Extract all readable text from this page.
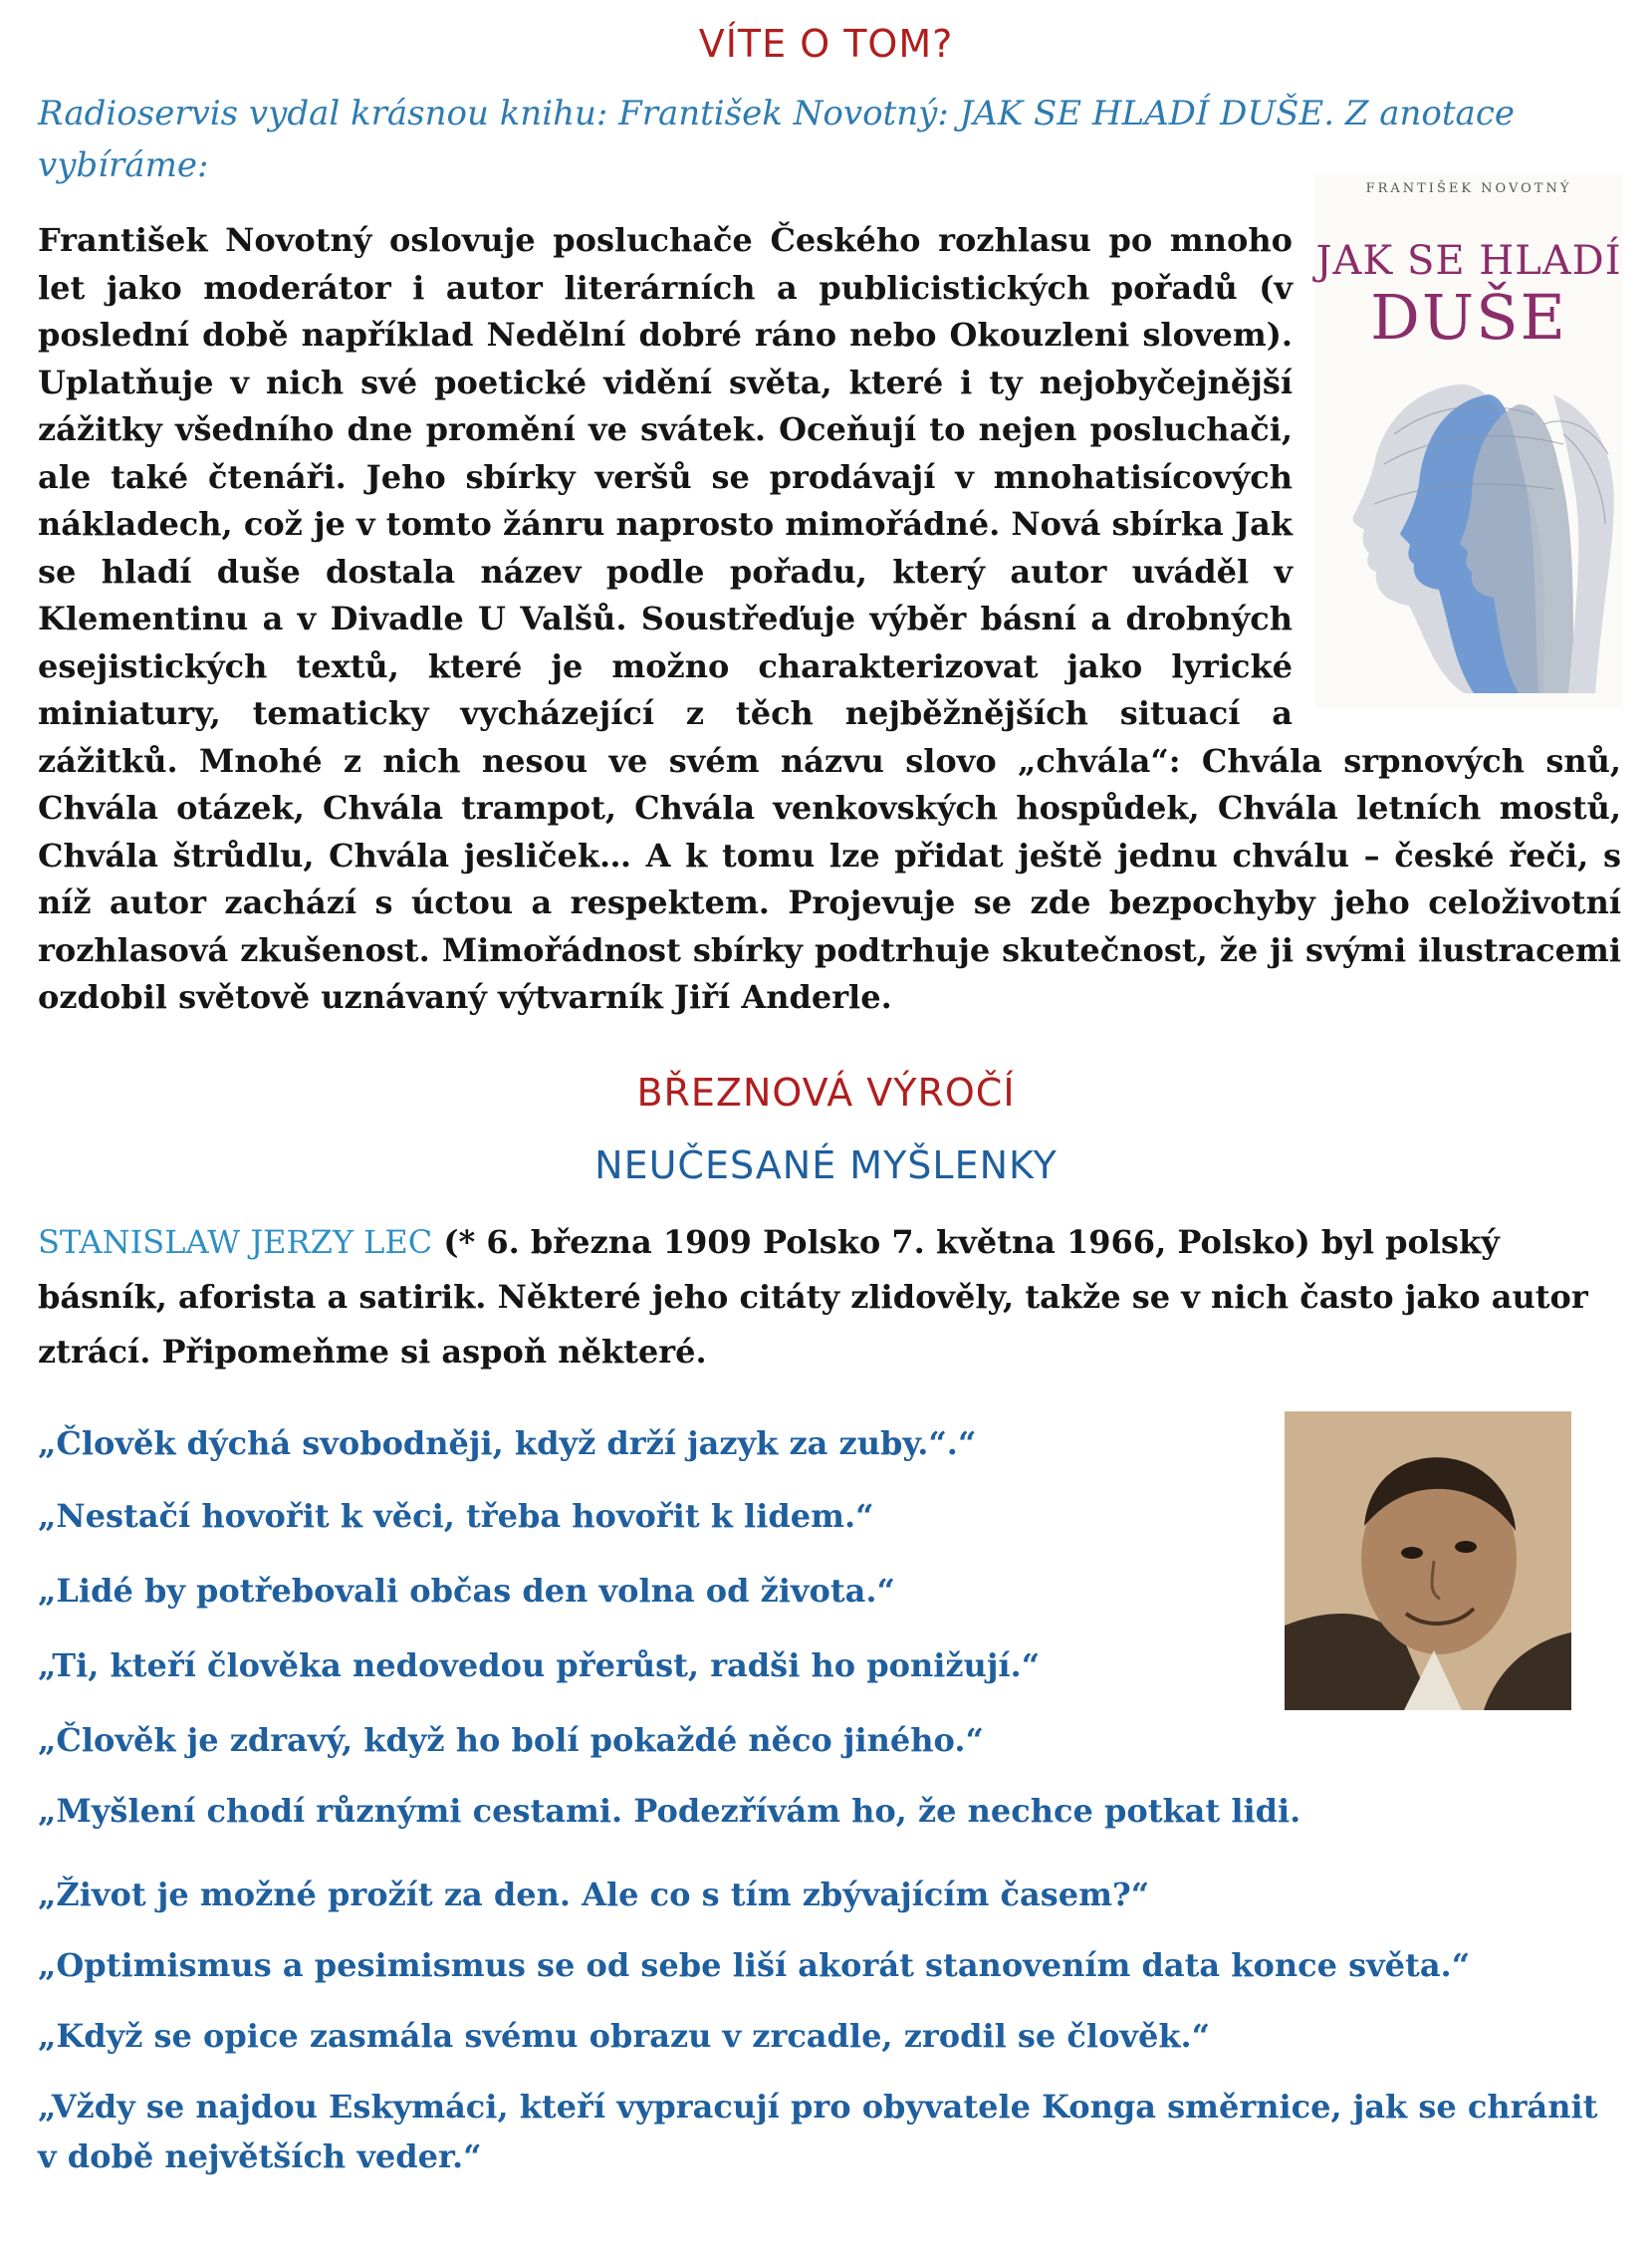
VÍTE O TOM?

Radioservis vydal krásnou knihu: František Novotný: JAK SE HLADÍ DUŠE. Z anotace vybíráme:

FRANTIŠEK NOVOTNÝ
JAK SE HLADÍ
DUŠE
František Novotný oslovuje posluchače Českého rozhlasu po mnoho let jako moderátor i autor literárních a publicistických pořadů (v poslední době například Nedělní dobré ráno nebo Okouzleni slovem). Uplatňuje v nich své poetické vidění světa, které i ty nejobyčejnější zážitky všedního dne promění ve svátek. Oceňují to nejen posluchači, ale také čtenáři. Jeho sbírky veršů se prodávají v mnohatisícových nákladech, což je v tomto žánru naprosto mimořádné. Nová sbírka Jak se hladí duše dostala název podle pořadu, který autor uváděl v Klementinu a v Divadle U Valšů. Soustřeďuje výběr básní a drobných esejistických textů, které je možno charakterizovat jako lyrické miniatury, tematicky vycházející z těch nejběžnějších situací a zážitků. Mnohé z nich nesou ve svém názvu slovo „chvála“: Chvála srpnových snů, Chvála otázek, Chvála trampot, Chvála venkovských hospůdek, Chvála letních mostů, Chvála štrůdlu, Chvála jesliček… A k tomu lze přidat ještě jednu chválu – české řeči, s níž autor zachází s úctou a respektem. Projevuje se zde bezpochyby jeho celoživotní rozhlasová zkušenost. Mimořádnost sbírky podtrhuje skutečnost, že ji svými ilustracemi ozdobil světově uznávaný výtvarník Jiří Anderle.
BŘEZNOVÁ VÝROČÍ
NEUČESANÉ MYŠLENKY

STANISLAW JERZY LEC (* 6. března 1909 Polsko 7. května 1966, Polsko) byl polský básník, aforista a satirik. Některé jeho citáty zlidověly, takže se v nich často jako autor ztrácí. Připomeňme si aspoň některé.

„Člověk dýchá svobodněji, když drží jazyk za zuby.“.“

„Nestačí hovořit k věci, třeba hovořit k lidem.“

„Lidé by potřebovali občas den volna od života.“

„Ti, kteří člověka nedovedou přerůst, radši ho ponižují.“

„Člověk je zdravý, když ho bolí pokaždé něco jiného.“

„Myšlení chodí různými cestami. Podezřívám ho, že nechce potkat lidi.

„Život je možné prožít za den. Ale co s tím zbývajícím časem?“

„Optimismus a pesimismus se od sebe liší akorát stanovením data konce světa.“

„Když se opice zasmála svému obrazu v zrcadle, zrodil se člověk.“

„Vždy se najdou Eskymáci, kteří vypracují pro obyvatele Konga směrnice, jak se chránit v době největších veder.“
